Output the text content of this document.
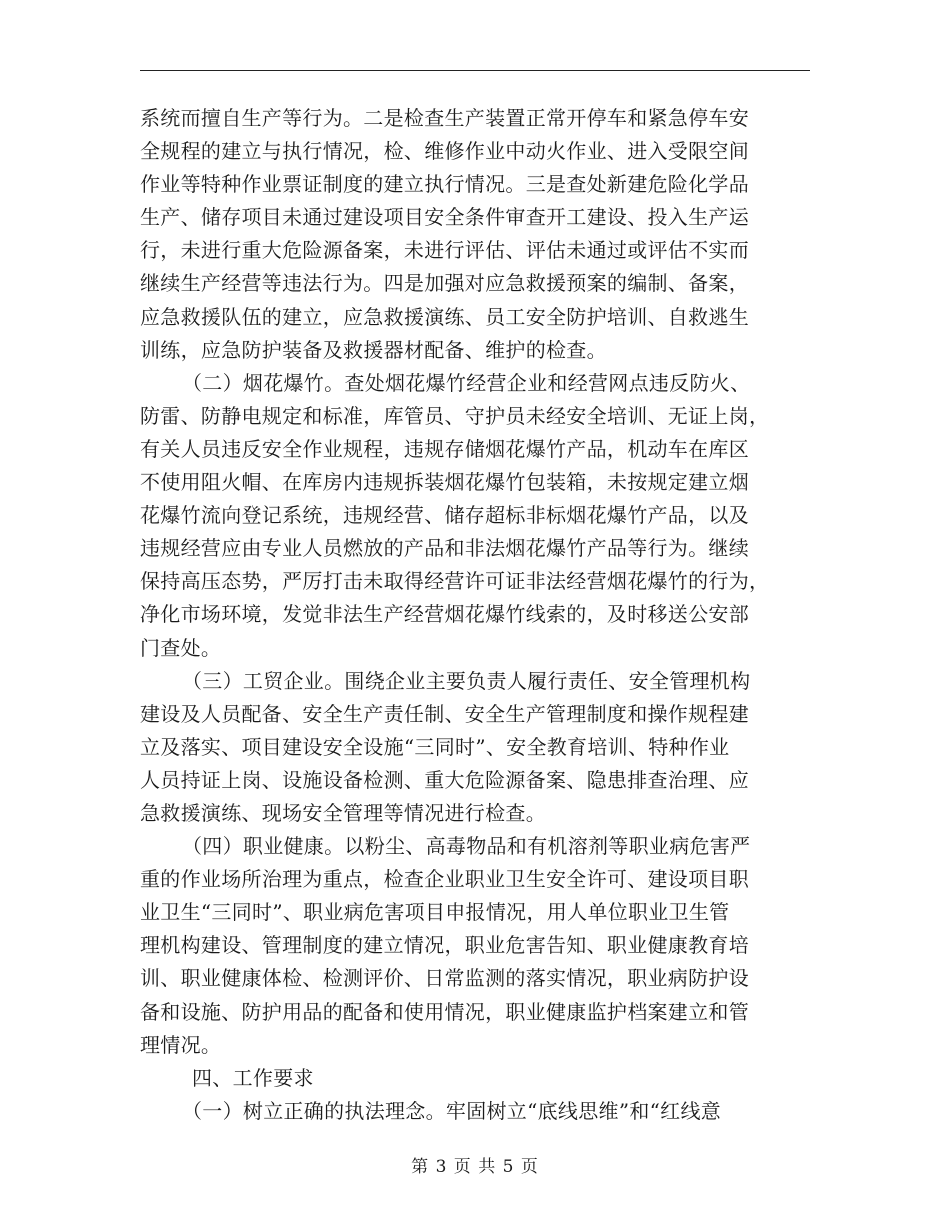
系统而擅自生产等行为。二是检查生产装置正常开停车和紧急停车安
全规程的建立与执行情况，检、维修作业中动火作业、进入受限空间
作业等特种作业票证制度的建立执行情况。三是查处新建危险化学品
生产、储存项目未通过建设项目安全条件审查开工建设、投入生产运
行，未进行重大危险源备案，未进行评估、评估未通过或评估不实而
继续生产经营等违法行为。四是加强对应急救援预案的编制、备案，
应急救援队伍的建立，应急救援演练、员工安全防护培训、自救逃生
训练，应急防护装备及救援器材配备、维护的检查。
（二）烟花爆竹。查处烟花爆竹经营企业和经营网点违反防火、
防雷、防静电规定和标准，库管员、守护员未经安全培训、无证上岗，
有关人员违反安全作业规程，违规存储烟花爆竹产品，机动车在库区
不使用阻火帽、在库房内违规拆装烟花爆竹包装箱，未按规定建立烟
花爆竹流向登记系统，违规经营、储存超标非标烟花爆竹产品，以及
违规经营应由专业人员燃放的产品和非法烟花爆竹产品等行为。继续
保持高压态势，严厉打击未取得经营许可证非法经营烟花爆竹的行为，
净化市场环境，发觉非法生产经营烟花爆竹线索的，及时移送公安部
门查处。
（三）工贸企业。围绕企业主要负责人履行责任、安全管理机构
建设及人员配备、安全生产责任制、安全生产管理制度和操作规程建
立及落实、项目建设安全设施“三同时”、安全教育培训、特种作业
人员持证上岗、设施设备检测、重大危险源备案、隐患排查治理、应
急救援演练、现场安全管理等情况进行检查。
（四）职业健康。以粉尘、高毒物品和有机溶剂等职业病危害严
重的作业场所治理为重点，检查企业职业卫生安全许可、建设项目职
业卫生“三同时”、职业病危害项目申报情况，用人单位职业卫生管
理机构建设、管理制度的建立情况，职业危害告知、职业健康教育培
训、职业健康体检、检测评价、日常监测的落实情况，职业病防护设
备和设施、防护用品的配备和使用情况，职业健康监护档案建立和管
理情况。
四、工作要求
（一）树立正确的执法理念。牢固树立“底线思维”和“红线意
第 3 页 共 5 页
